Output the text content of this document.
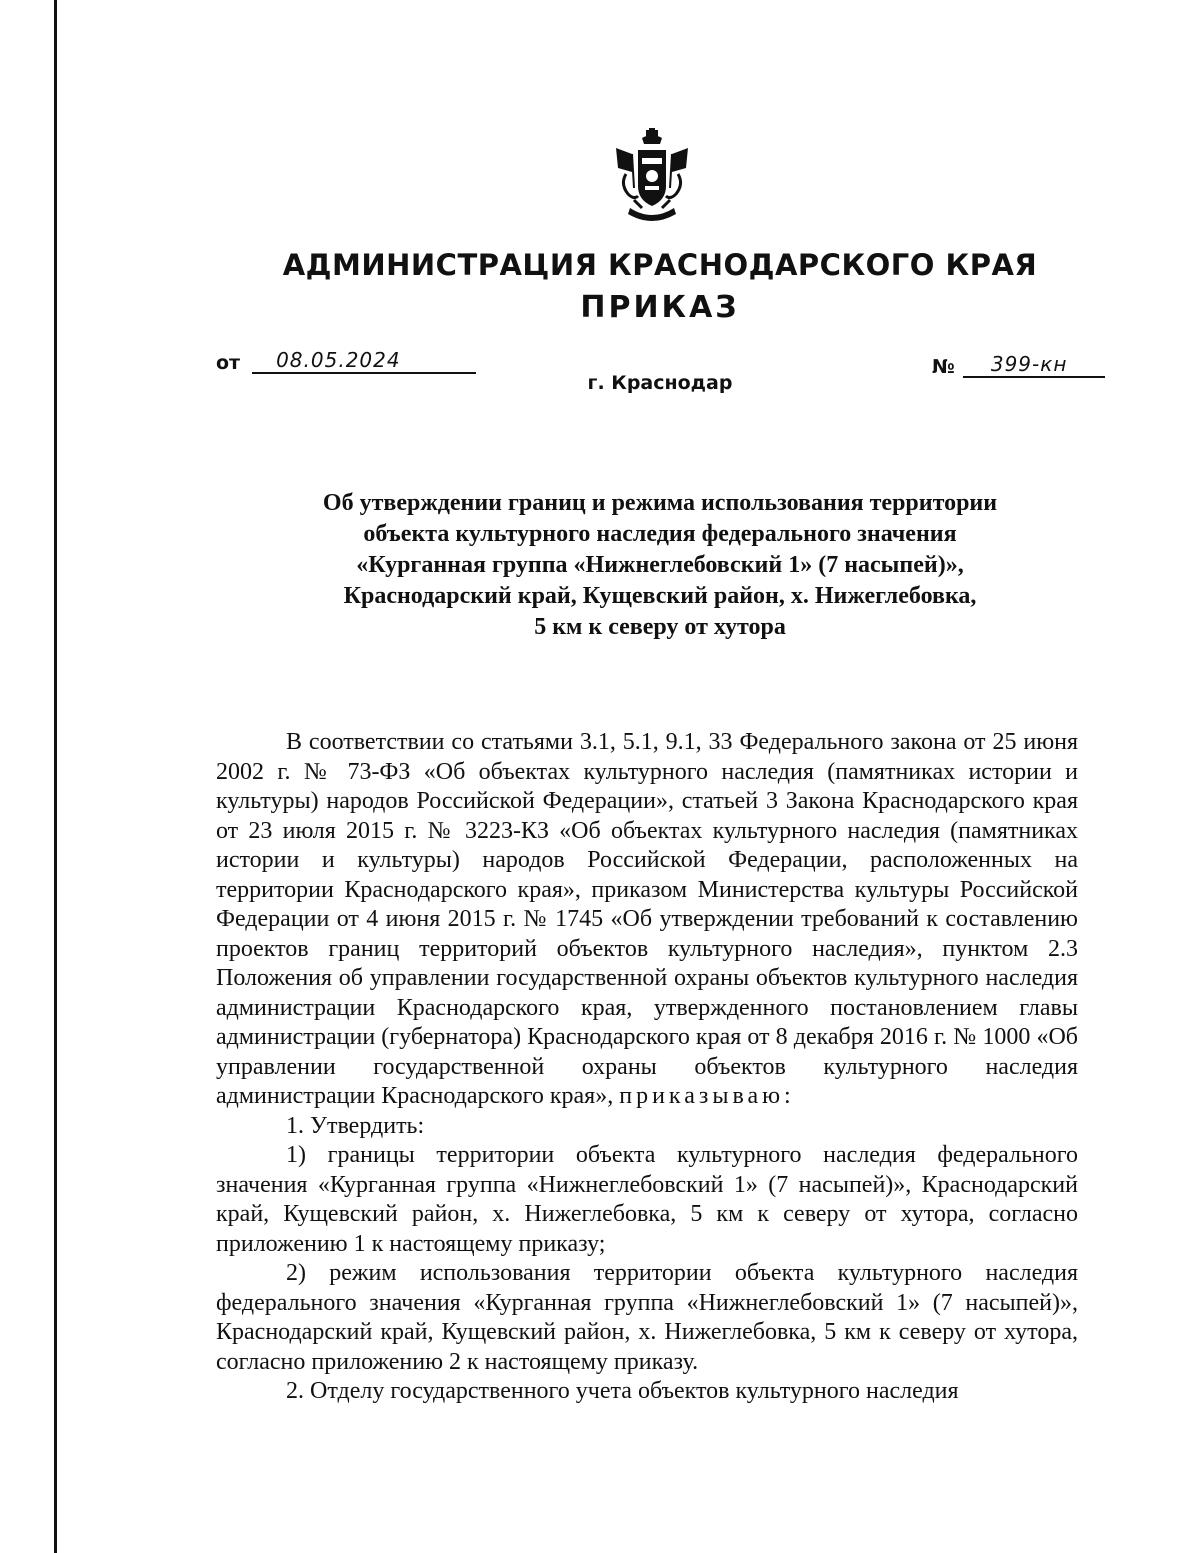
АДМИНИСТРАЦИЯ КРАСНОДАРСКОГО КРАЯ
ПРИКАЗ
от	08.05.2024	№	399-кн
г. Краснодар
Об утверждении границ и режима использования территории
объекта культурного наследия федерального значения
«Курганная группа «Нижнеглебовский 1» (7 насыпей)»,
Краснодарский край, Кущевский район, х. Нижеглебовка,
5 км к северу от хутора

В соответствии со статьями 3.1, 5.1, 9.1, 33 Федерального закона от 25 июня 2002 г. № 73-ФЗ «Об объектах культурного наследия (памятниках истории и культуры) народов Российской Федерации», статьей 3 Закона Краснодарского края от 23 июля 2015 г. № 3223-КЗ «Об объектах культурного наследия (памятниках истории и культуры) народов Российской Федерации, расположенных на территории Краснодарского края», приказом Министерства культуры Российской Федерации от 4 июня 2015 г. № 1745 «Об утверждении требований к составлению проектов границ территорий объектов культурного наследия», пунктом 2.3 Положения об управлении государственной охраны объектов культурного наследия администрации Краснодарского края, утвержденного постановлением главы администрации (губернатора) Краснодарского края от 8 декабря 2016 г. № 1000 «Об управлении государственной охраны объектов культурного наследия администрации Краснодарского края», приказываю:

1. Утвердить:

1) границы территории объекта культурного наследия федерального значения «Курганная группа «Нижнеглебовский 1» (7 насыпей)», Краснодарский край, Кущевский район, х. Нижеглебовка, 5 км к северу от хутора, согласно приложению 1 к настоящему приказу;

2) режим использования территории объекта культурного наследия федерального значения «Курганная группа «Нижнеглебовский 1» (7 насыпей)», Краснодарский край, Кущевский район, х. Нижеглебовка, 5 км к северу от хутора, согласно приложению 2 к настоящему приказу.

2. Отделу государственного учета объектов культурного наследия
